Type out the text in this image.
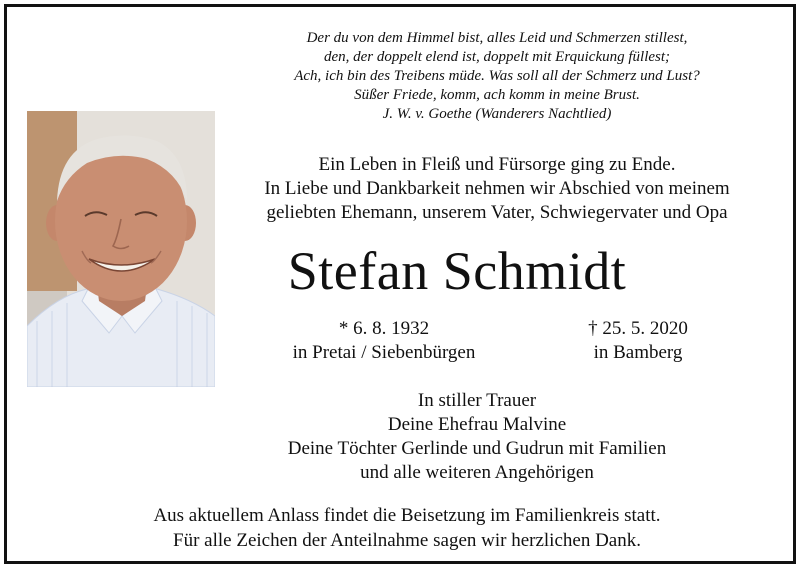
Der du von dem Himmel bist, alles Leid und Schmerzen stillest,
den, der doppelt elend ist, doppelt mit Erquickung füllest;
Ach, ich bin des Treibens müde. Was soll all der Schmerz und Lust?
Süßer Friede, komm, ach komm in meine Brust.
J. W. v. Goethe (Wanderers Nachtlied)
Ein Leben in Fleiß und Fürsorge ging zu Ende.
In Liebe und Dankbarkeit nehmen wir Abschied von meinem
geliebten Ehemann, unserem Vater, Schwiegervater und Opa
Stefan Schmidt
* 6. 8. 1932
in Pretai / Siebenbürgen
† 25. 5. 2020
in Bamberg
In stiller Trauer
Deine Ehefrau Malvine
Deine Töchter Gerlinde und Gudrun mit Familien
und alle weiteren Angehörigen
Aus aktuellem Anlass findet die Beisetzung im Familienkreis statt.
Für alle Zeichen der Anteilnahme sagen wir herzlichen Dank.
